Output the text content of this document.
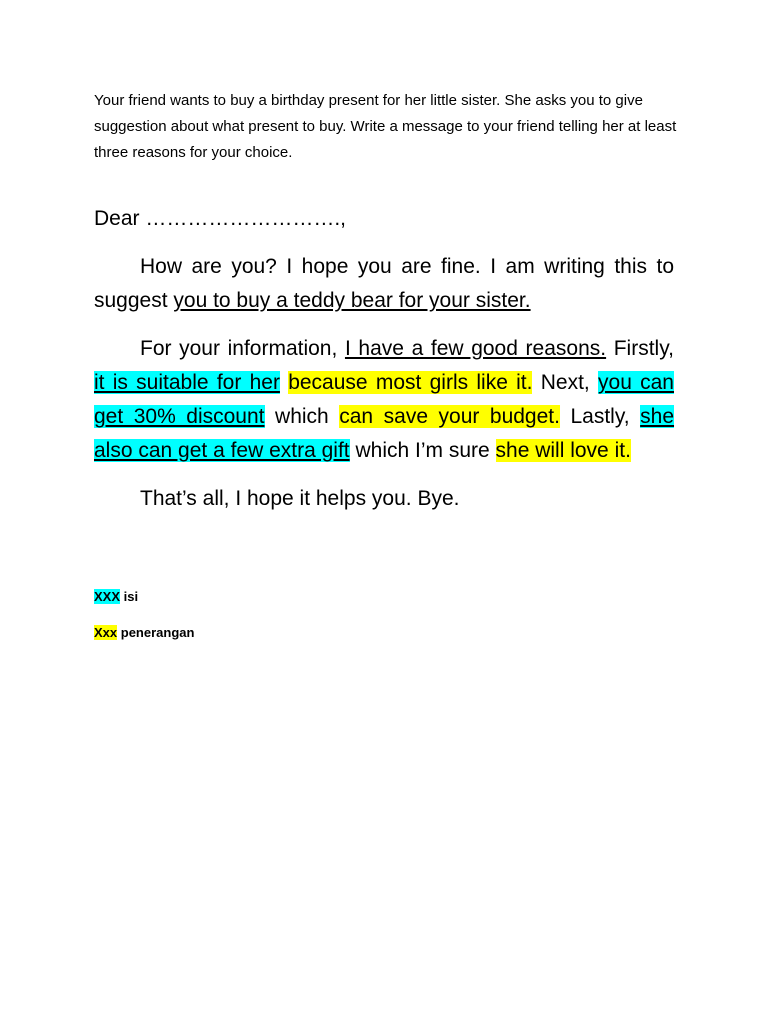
Your friend wants to buy a birthday present for her little sister. She asks you to give suggestion about what present to buy. Write a message to your friend telling her at least three reasons for your choice.

Dear ……………………….,

How are you? I hope you are fine. I am writing this to suggest you to buy a teddy bear for your sister.

For your information, I have a few good reasons. Firstly, it is suitable for her because most girls like it. Next, you can get 30% discount which can save your budget. Lastly, she also can get a few extra gift which I’m sure she will love it.

That’s all, I hope it helps you. Bye.

XXX isi
Xxx penerangan
